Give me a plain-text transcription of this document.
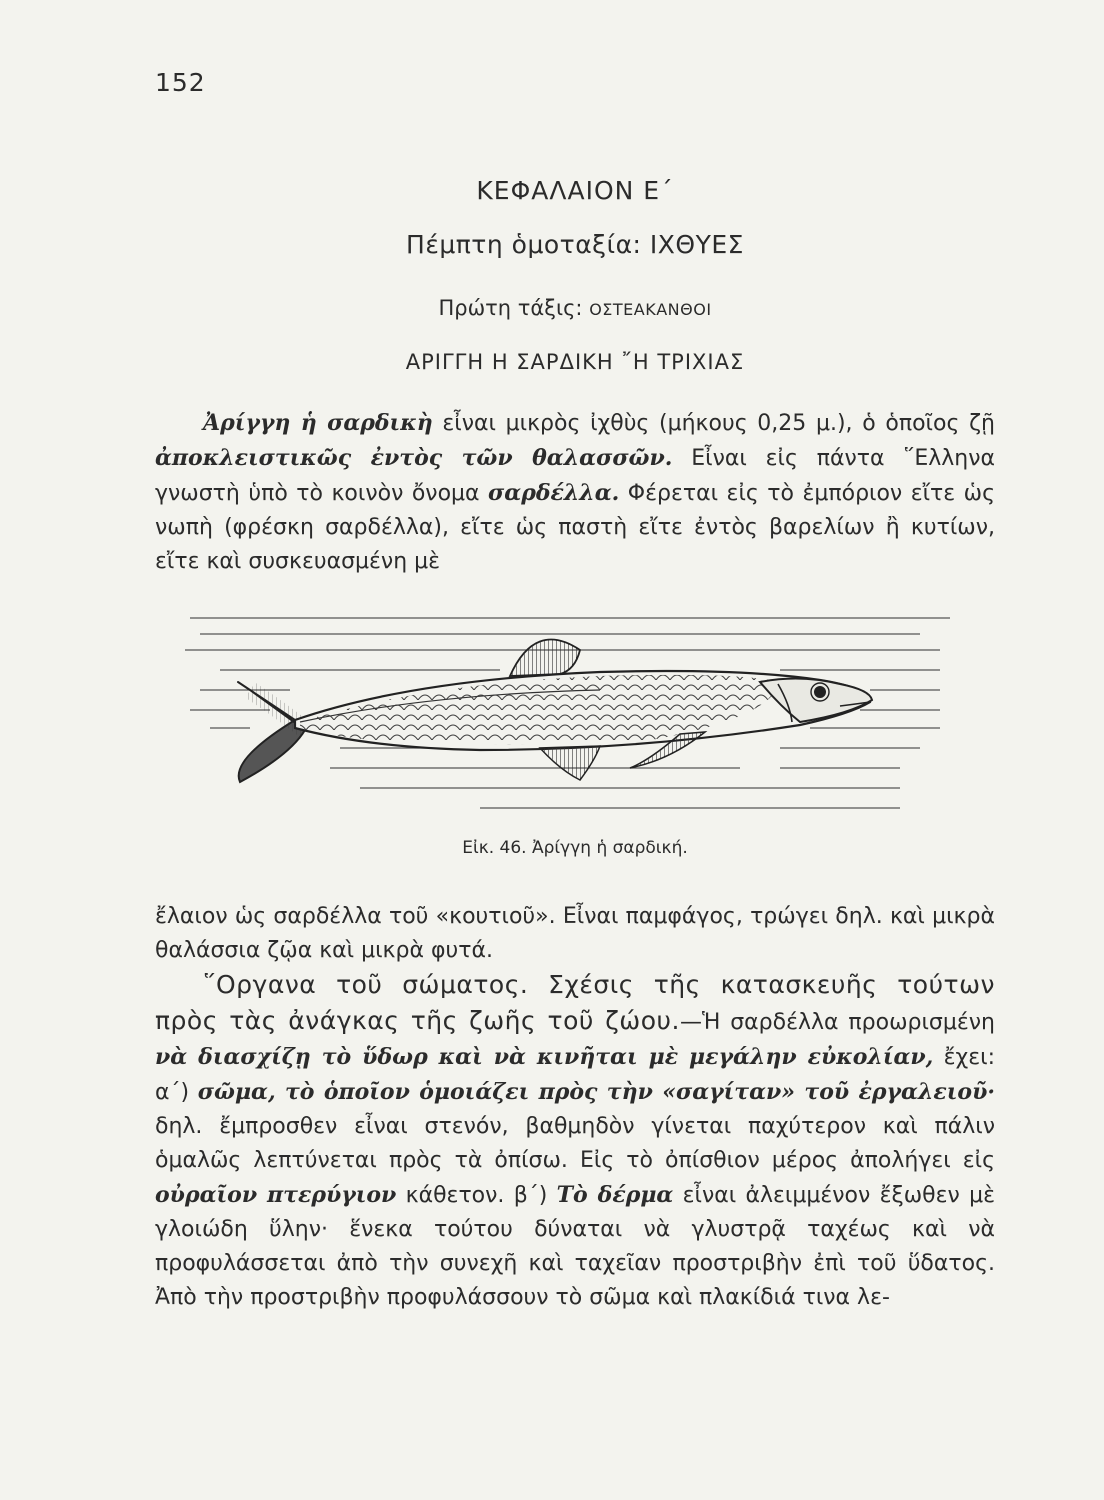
152
ΚΕΦΑΛΑΙΟΝ Ε΄
Πέμπτη ὁμοταξία: ΙΧΘΥΕΣ
Πρώτη τάξις: ΟΣΤΕΑΚΑΝΘΟΙ
ΑΡΙΓΓΗ Η ΣΑΡΔΙΚΗ ῎Η ΤΡΙΧΙΑΣ

Ἀρίγγη ἡ σαρδικὴ εἶναι μικρὸς ἰχθὺς (μήκους 0,25 μ.), ὁ ὁποῖος ζῇ ἀποκλειστικῶς ἐντὸς τῶν θαλασσῶν. Εἶναι εἰς πάντα ῞Ελληνα γνωστὴ ὑπὸ τὸ κοινὸν ὄνομα σαρδέλλα. Φέρεται εἰς τὸ ἐμπόριον εἴτε ὡς νωπὴ (φρέσκη σαρδέλλα), εἴτε ὡς παστὴ εἴτε ἐντὸς βαρελίων ἢ κυτίων, εἴτε καὶ συσκευασμένη μὲ

Εἰκ. 46. Ἀρίγγη ἡ σαρδική.

ἔλαιον ὡς σαρδέλλα τοῦ «κουτιοῦ». Εἶναι παμφάγος, τρώγει δηλ. καὶ μικρὰ θαλάσσια ζῷα καὶ μικρὰ φυτά.

῞Οργανα τοῦ σώματος. Σχέσις τῆς κατασκευῆς τούτων πρὸς τὰς ἀνάγκας τῆς ζωῆς τοῦ ζώου.—Ἡ σαρδέλλα προωρισμένη νὰ διασχίζῃ τὸ ὕδωρ καὶ νὰ κινῆται μὲ μεγάλην εὐκολίαν, ἔχει: α΄) σῶμα, τὸ ὁποῖον ὁμοιάζει πρὸς τὴν «σαγίταν» τοῦ ἐργαλειοῦ· δηλ. ἔμπροσθεν εἶναι στενόν, βαθμηδὸν γίνεται παχύτερον καὶ πάλιν ὁμαλῶς λεπτύνεται πρὸς τὰ ὀπίσω. Εἰς τὸ ὀπίσθιον μέρος ἀπολήγει εἰς οὐραῖον πτερύγιον κάθετον. β΄) Τὸ δέρμα εἶναι ἀλειμμένον ἔξωθεν μὲ γλοιώδη ὕλην· ἕνεκα τούτου δύναται νὰ γλυστρᾷ ταχέως καὶ νὰ προφυλάσσεται ἀπὸ τὴν συνεχῆ καὶ ταχεῖαν προστριβὴν ἐπὶ τοῦ ὕδατος. Ἀπὸ τὴν προστριβὴν προφυλάσσουν τὸ σῶμα καὶ πλακίδιά τινα λε-
